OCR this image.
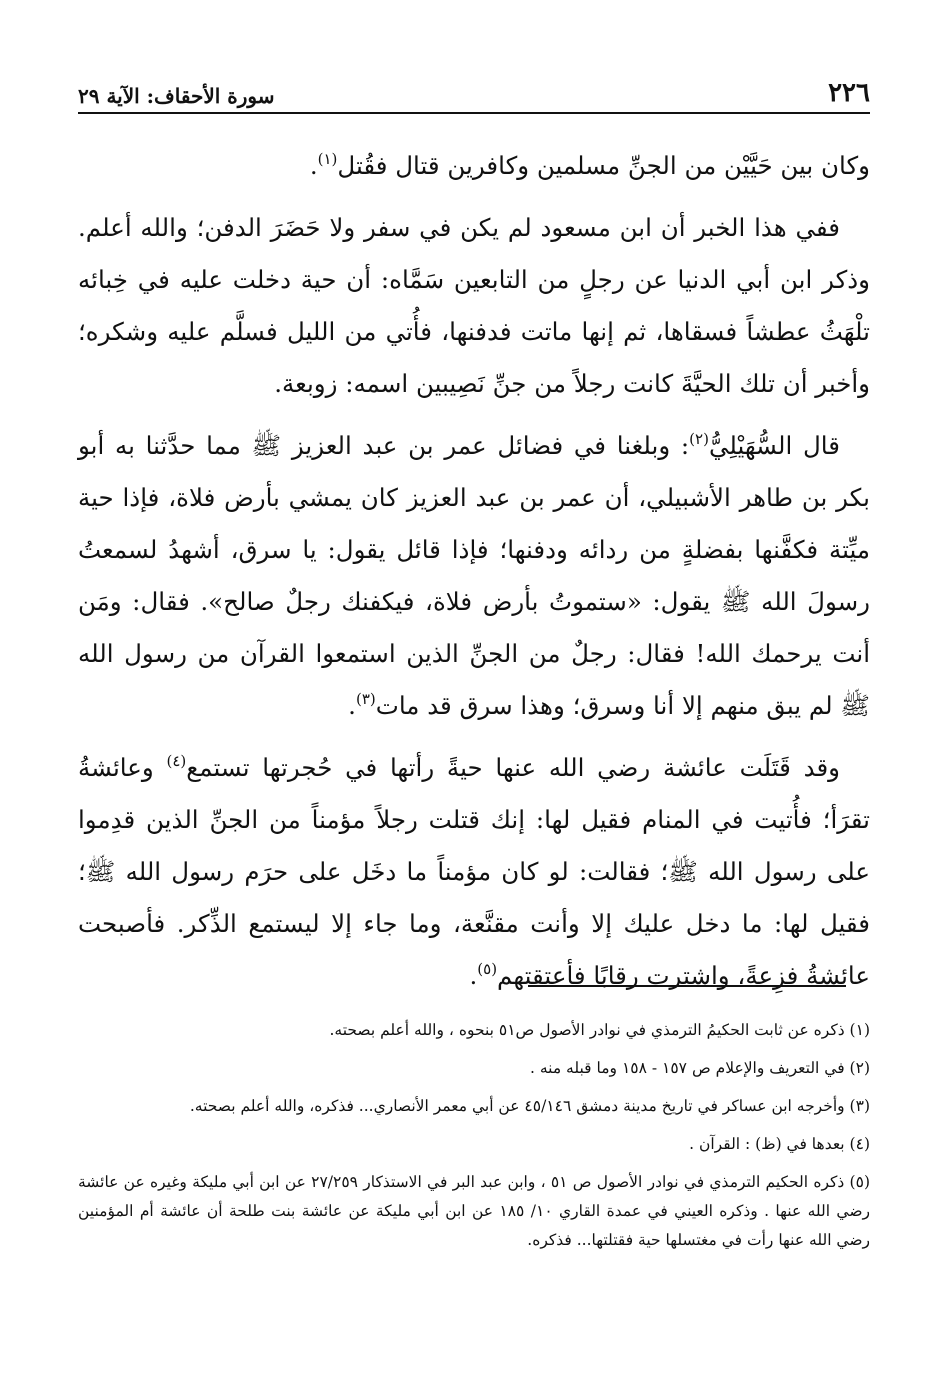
٢٢٦
سورة الأحقاف: الآية ٢٩

وكان بين حَيَّيْن من الجنِّ مسلمين وكافرين قتال فقُتل$^{(١)}$.

ففي هذا الخبر أن ابن مسعود لم يكن في سفر ولا حَضَرَ الدفن؛ والله أعلم. وذكر ابن أبي الدنيا عن رجلٍ من التابعين سَمَّاه: أن حية دخلت عليه في خِبائه تلْهَثُ عطشاً فسقاها، ثم إنها ماتت فدفنها، فأُتي من الليل فسلَّم عليه وشكره؛ وأخبر أن تلك الحيَّةَ كانت رجلاً من جنِّ نَصِيبين اسمه: زوبعة.

قال السُّهَيْلِيُّ$^{(٢)}$: وبلغنا في فضائل عمر بن عبد العزيز ﷺ مما حدَّثنا به أبو بكر بن طاهر الأشبيلي، أن عمر بن عبد العزيز كان يمشي بأرض فلاة، فإذا حية ميِّتة فكفَّنها بفضلةٍ من ردائه ودفنها؛ فإذا قائل يقول: يا سرق، أشهدُ لسمعتُ رسولَ الله ﷺ يقول: «ستموتُ بأرض فلاة، فيكفنك رجلٌ صالح». فقال: ومَن أنت يرحمك الله! فقال: رجلٌ من الجنِّ الذين استمعوا القرآن من رسول الله ﷺ لم يبق منهم إلا أنا وسرق؛ وهذا سرق قد مات$^{(٣)}$.

وقد قَتَلَت عائشة رضي الله عنها حيةً رأتها في حُجرتها تستمع$^{(٤)}$ وعائشةُ تقرَأ؛ فأُتيت في المنام فقيل لها: إنك قتلت رجلاً مؤمناً من الجنِّ الذين قدِموا على رسول الله ﷺ؛ فقالت: لو كان مؤمناً ما دخَل على حرَم رسول الله ﷺ؛ فقيل لها: ما دخل عليك إلا وأنت مقنَّعة، وما جاء إلا ليستمع الذِّكر. فأصبحت عائشةُ فزِعةً، واشترت رقابًا فأعتقتهم$^{(٥)}$.

(١) ذكره عن ثابت الحكيمُ الترمذي في نوادر الأصول ص٥١ بنحوه ، والله أعلم بصحته.

(٢) في التعريف والإعلام ص ١٥٧ - ١٥٨ وما قبله منه .

(٣) وأخرجه ابن عساكر في تاريخ مدينة دمشق ٤٥/١٤٦ عن أبي معمر الأنصاري... فذكره، والله أعلم بصحته.

(٤) بعدها في (ظ) : القرآن .

(٥) ذكره الحكيم الترمذي في نوادر الأصول ص ٥١ ، وابن عبد البر في الاستذكار ٢٧/٢٥٩ عن ابن أبي مليكة وغيره عن عائشة رضي الله عنها . وذكره العيني في عمدة القاري ١٠/ ١٨٥ عن ابن أبي مليكة عن عائشة بنت طلحة أن عائشة أم المؤمنين رضي الله عنها رأت في مغتسلها حية فقتلتها... فذكره.
